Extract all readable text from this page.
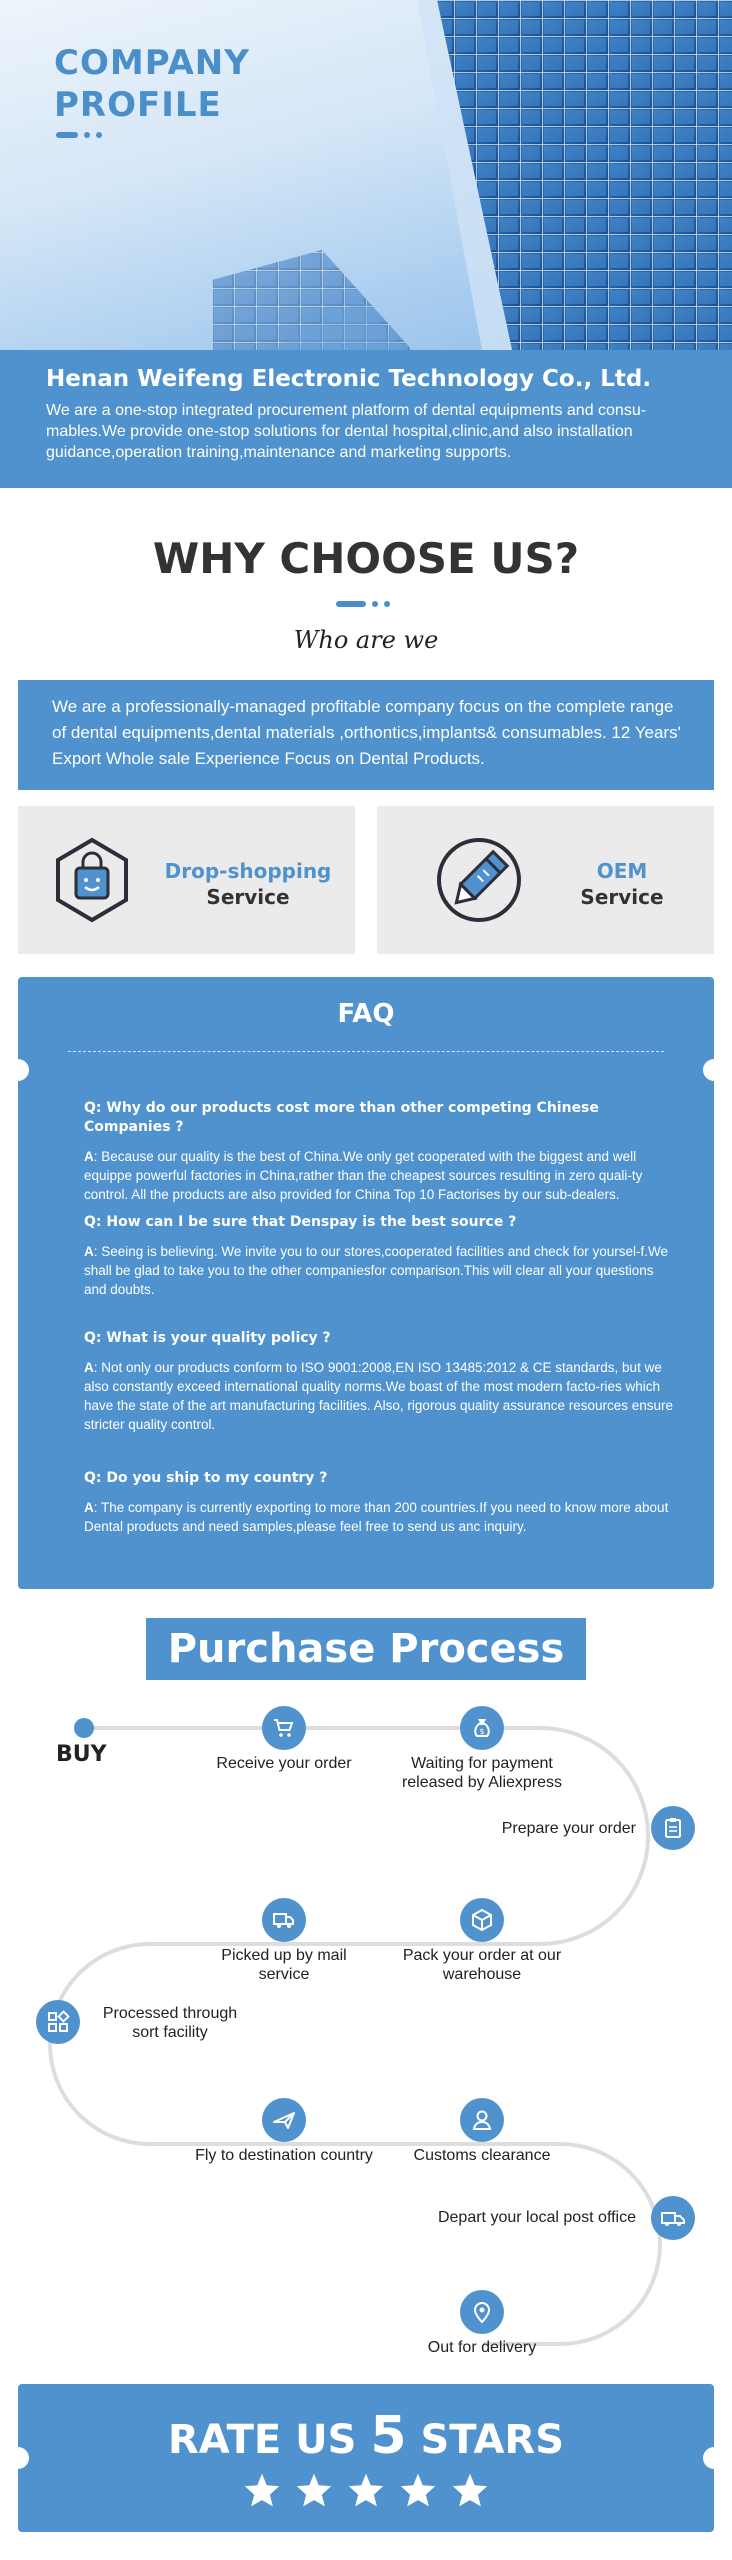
COMPANY
PROFILE
Henan Weifeng Electronic Technology Co., Ltd.
We are a one-stop integrated procurement platform of dental equipments and consu-mables.We provide one-stop solutions for dental hospital,clinic,and also installation guidance,operation training,maintenance and marketing supports.
WHY CHOOSE US?
Who are we
We are a professionally-managed profitable company focus on the complete range of dental equipments,dental materials ,orthontics,implants& consumables. 12 Years' Export Whole sale Experience Focus on Dental Products.
Drop-shopping
Service
OEM
Service
FAQ
Q: Why do our products cost more than other competing Chinese Companies ?
A: Because our quality is the best of China.We only get cooperated with the biggest and well equippe powerful factories in China,rather than the cheapest sources resulting in zero quali-ty control. All the products are also provided for China Top 10 Factorises by our sub-dealers.
Q: How can I be sure that Denspay is the best source ?
A: Seeing is believing. We invite you to our stores,cooperated facilities and check for yoursel-f.We shall be glad to take you to the other companiesfor comparison.This will clear all your questions and doubts.
Q: What is your quality policy ?
A: Not only our products conform to ISO 9001:2008,EN ISO 13485:2012 & CE standards, but we also constantly exceed international quality norms.We boast of the most modern facto-ries which have the state of the art manufacturing facilities. Also, rigorous quality assurance resources ensure stricter quality control.
Q: Do you ship to my country ?
A: The company is currently exporting to more than 200 countries.If you need to know more about Dental products and need samples,please feel free to send us anc inquiry.
Purchase Process
BUY	Receive your order
$
Waiting for payment released by Aliexpress
Prepare your order
Pack your order at our warehouse
Picked up by mail service
Processed through sort facility
Fly to destination country	Customs clearance
Depart your local post office
Out for delivery
RATE US 5 STARS
